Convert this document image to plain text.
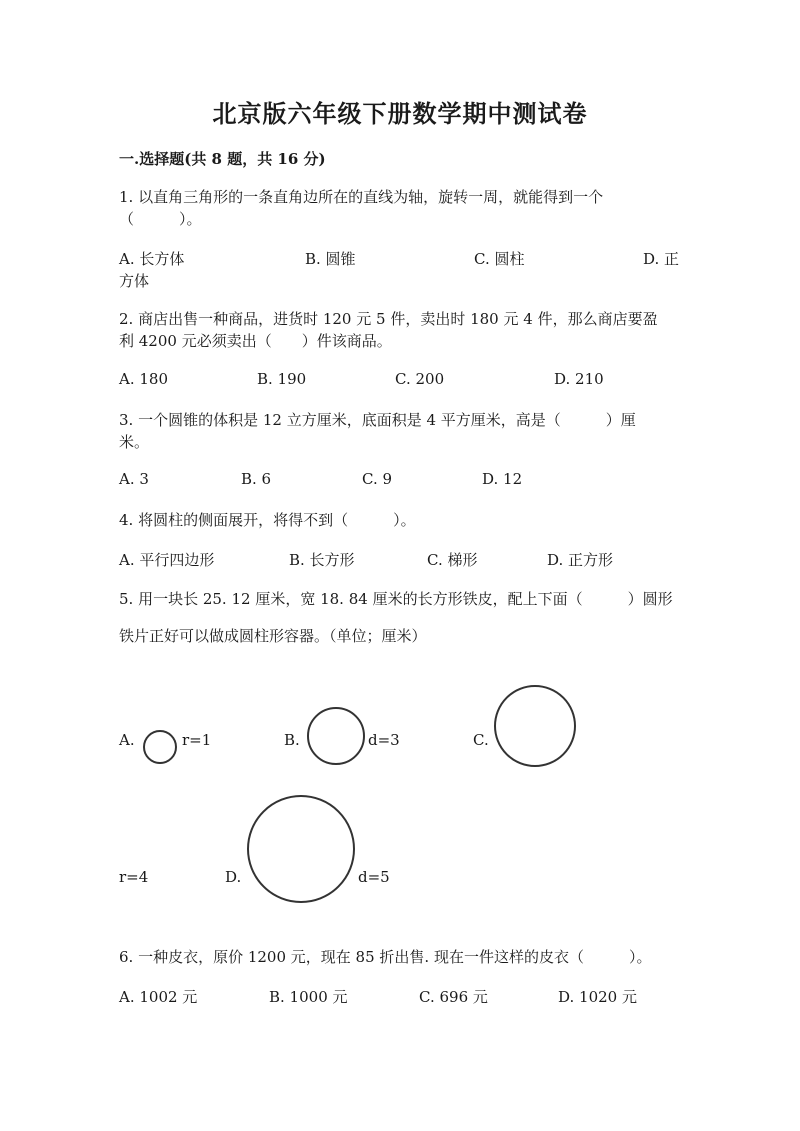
北京版六年级下册数学期中测试卷
一.选择题(共 8 题，共 16 分)
1. 以直角三角形的一条直角边所在的直线为轴，旋转一周，就能得到一个
（　　　）。
A. 长方体	B. 圆锥	C. 圆柱	D. 正
方体
2. 商店出售一种商品，进货时 120 元 5 件，卖出时 180 元 4 件，那么商店要盈
利 4200 元必须卖出（　　）件该商品。
A. 180	B. 190	C. 200	D. 210
3. 一个圆锥的体积是 12 立方厘米，底面积是 4 平方厘米，高是（　　　）厘
米。
A. 3	B. 6	C. 9	D. 12
4. 将圆柱的侧面展开，将得不到（　　　）。
A. 平行四边形	B. 长方形	C. 梯形	D. 正方形
5. 用一块长 25. 12 厘米，宽 18. 84 厘米的长方形铁皮，配上下面（　　　）圆形
铁片正好可以做成圆柱形容器。（单位；厘米）
A.	r=1	B.	d=3	C.
r=4	D.	d=5
6. 一种皮衣，原价 1200 元，现在 85 折出售. 现在一件这样的皮衣（　　　）。
A. 1002 元	B. 1000 元	C. 696 元	D. 1020 元
